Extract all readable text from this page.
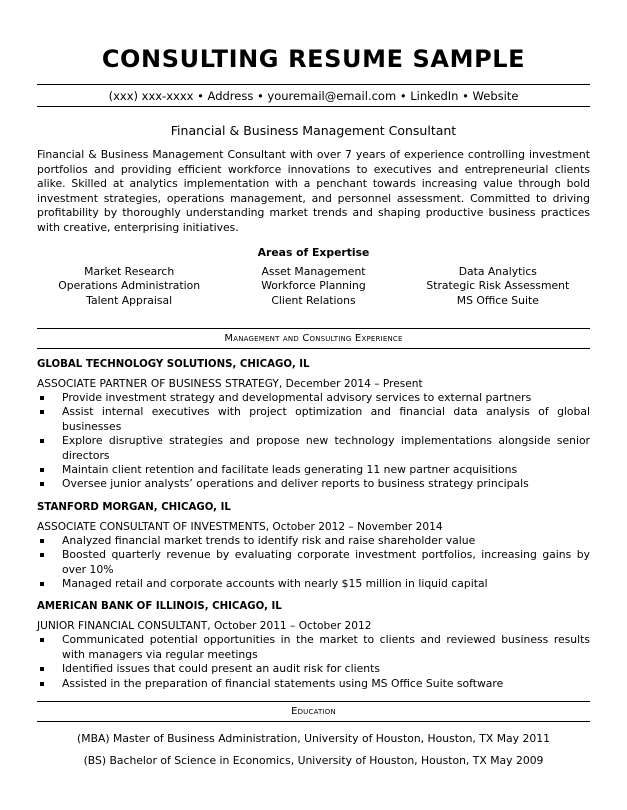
CONSULTING RESUME SAMPLE
(xxx) xxx-xxxx • Address • youremail@email.com • LinkedIn • Website
Financial & Business Management Consultant
Financial & Business Management Consultant with over 7 years of experience controlling investment portfolios and providing efficient workforce innovations to executives and entrepreneurial clients alike. Skilled at analytics implementation with a penchant towards increasing value through bold investment strategies, operations management, and personnel assessment. Committed to driving profitability by thoroughly understanding market trends and shaping productive business practices with creative, enterprising initiatives.
Areas of Expertise
Market Research	Asset Management	Data Analytics
Operations Administration	Workforce Planning	Strategic Risk Assessment
Talent Appraisal	Client Relations	MS Office Suite
Management and Consulting Experience
GLOBAL TECHNOLOGY SOLUTIONS, CHICAGO, IL
ASSOCIATE PARTNER OF BUSINESS STRATEGY, December 2014 – Present
Provide investment strategy and developmental advisory services to external partners
Assist internal executives with project optimization and financial data analysis of global businesses
Explore disruptive strategies and propose new technology implementations alongside senior directors
Maintain client retention and facilitate leads generating 11 new partner acquisitions
Oversee junior analysts’ operations and deliver reports to business strategy principals
STANFORD MORGAN, CHICAGO, IL
ASSOCIATE CONSULTANT OF INVESTMENTS, October 2012 – November 2014
Analyzed financial market trends to identify risk and raise shareholder value
Boosted quarterly revenue by evaluating corporate investment portfolios, increasing gains by over 10%
Managed retail and corporate accounts with nearly $15 million in liquid capital
AMERICAN BANK OF ILLINOIS, CHICAGO, IL
JUNIOR FINANCIAL CONSULTANT, October 2011 – October 2012
Communicated potential opportunities in the market to clients and reviewed business results with managers via regular meetings
Identified issues that could present an audit risk for clients
Assisted in the preparation of financial statements using MS Office Suite software
Education
(MBA) Master of Business Administration, University of Houston, Houston, TX May 2011
(BS) Bachelor of Science in Economics, University of Houston, Houston, TX May 2009
